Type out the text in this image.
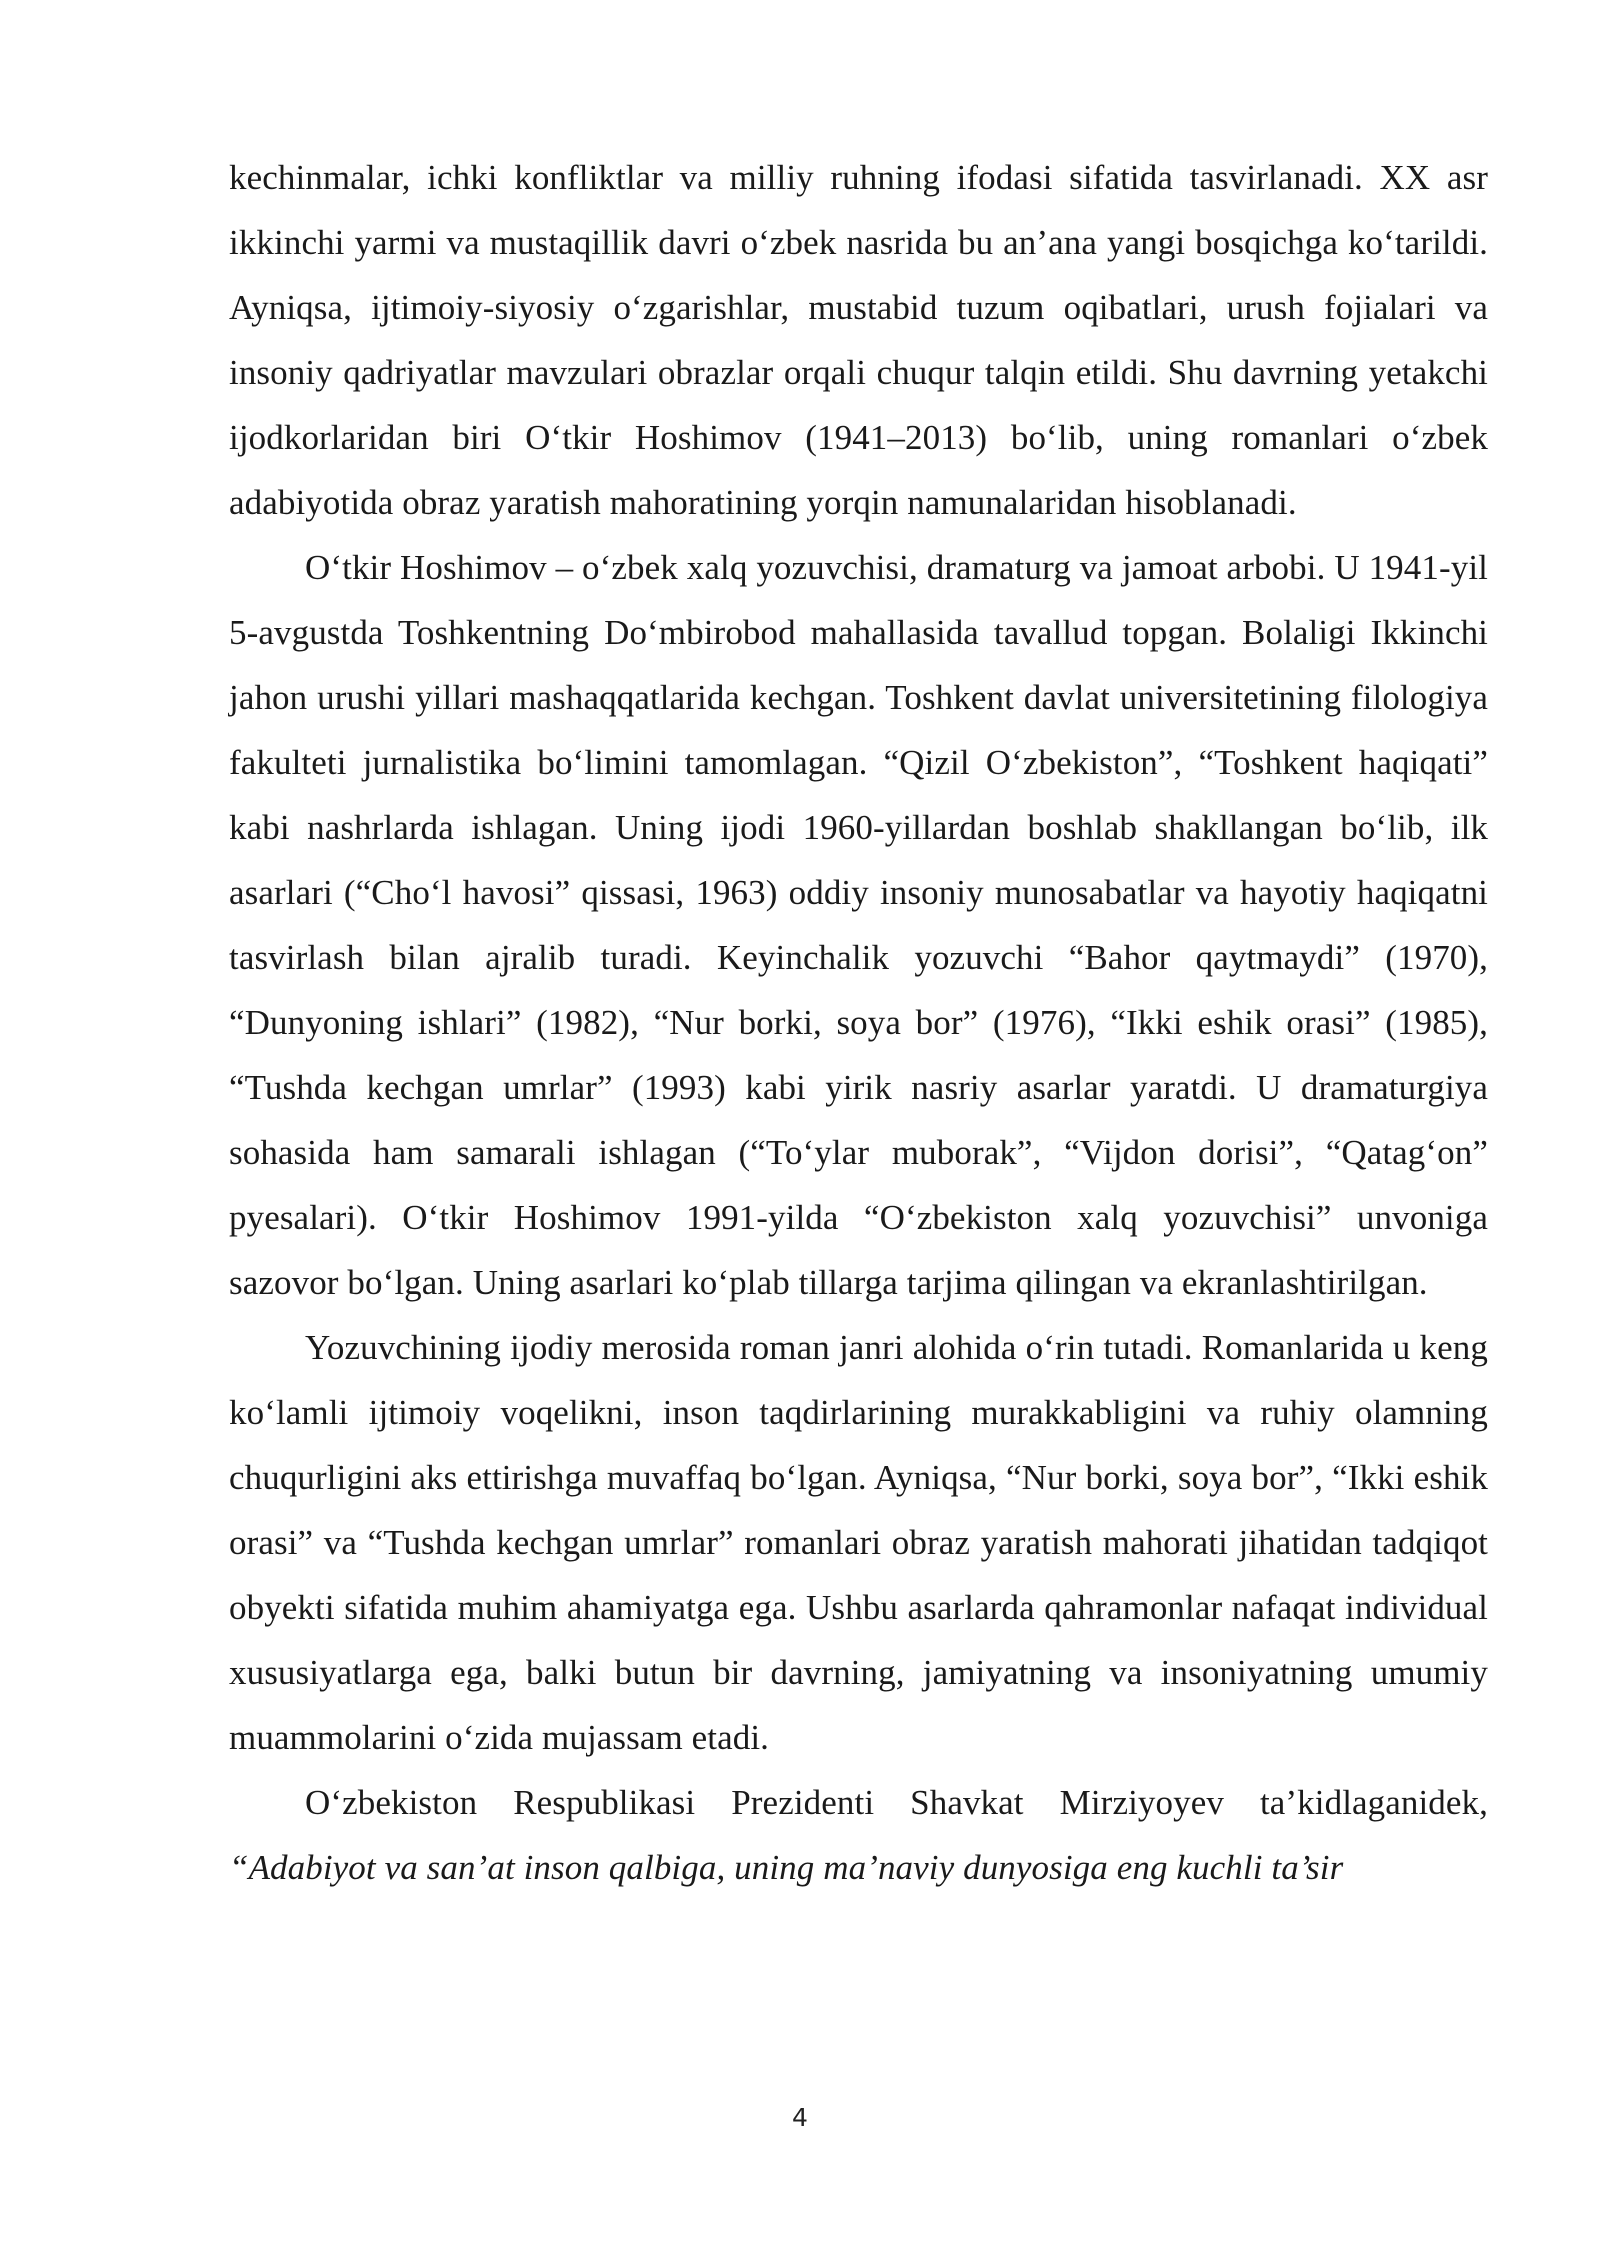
kechinmalar, ichki konfliktlar va milliy ruhning ifodasi sifatida tasvirlanadi. XX asr ikkinchi yarmi va mustaqillik davri o‘zbek nasrida bu an’ana yangi bosqichga ko‘tarildi. Ayniqsa, ijtimoiy-siyosiy o‘zgarishlar, mustabid tuzum oqibatlari, urush fojialari va insoniy qadriyatlar mavzulari obrazlar orqali chuqur talqin etildi. Shu davrning yetakchi ijodkorlaridan biri O‘tkir Hoshimov (1941–2013) bo‘lib, uning romanlari o‘zbek adabiyotida obraz yaratish mahoratining yorqin namunalaridan hisoblanadi.

O‘tkir Hoshimov – o‘zbek xalq yozuvchisi, dramaturg va jamoat arbobi. U 1941-yil 5-avgustda Toshkentning Do‘mbirobod mahallasida tavallud topgan. Bolaligi Ikkinchi jahon urushi yillari mashaqqatlarida kechgan. Toshkent davlat universitetining filologiya fakulteti jurnalistika bo‘limini tamomlagan. “Qizil O‘zbekiston”, “Toshkent haqiqati” kabi nashrlarda ishlagan. Uning ijodi 1960-yillardan boshlab shakllangan bo‘lib, ilk asarlari (“Cho‘l havosi” qissasi, 1963) oddiy insoniy munosabatlar va hayotiy haqiqatni tasvirlash bilan ajralib turadi. Keyinchalik yozuvchi “Bahor qaytmaydi” (1970), “Dunyoning ishlari” (1982), “Nur borki, soya bor” (1976), “Ikki eshik orasi” (1985), “Tushda kechgan umrlar” (1993) kabi yirik nasriy asarlar yaratdi. U dramaturgiya sohasida ham samarali ishlagan (“To‘ylar muborak”, “Vijdon dorisi”, “Qatag‘on” pyesalari). O‘tkir Hoshimov 1991-yilda “O‘zbekiston xalq yozuvchisi” unvoniga sazovor bo‘lgan. Uning asarlari ko‘plab tillarga tarjima qilingan va ekranlashtirilgan.

Yozuvchining ijodiy merosida roman janri alohida o‘rin tutadi. Romanlarida u keng ko‘lamli ijtimoiy voqelikni, inson taqdirlarining murakkabligini va ruhiy olamning chuqurligini aks ettirishga muvaffaq bo‘lgan. Ayniqsa, “Nur borki, soya bor”, “Ikki eshik orasi” va “Tushda kechgan umrlar” romanlari obraz yaratish mahorati jihatidan tadqiqot obyekti sifatida muhim ahamiyatga ega. Ushbu asarlarda qahramonlar nafaqat individual xususiyatlarga ega, balki butun bir davrning, jamiyatning va insoniyatning umumiy muammolarini o‘zida mujassam etadi.

O‘zbekiston Respublikasi Prezidenti Shavkat Mirziyoyev ta’kidlaganidek, “Adabiyot va san’at inson qalbiga, uning ma’naviy dunyosiga eng kuchli ta’sir

4
